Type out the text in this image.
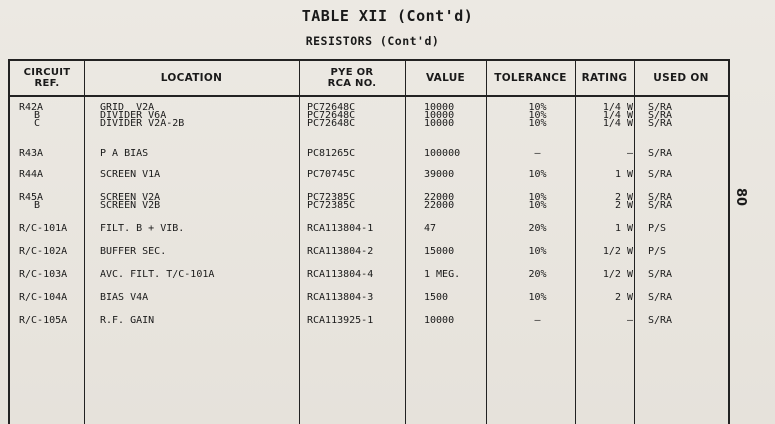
TABLE XII (Cont'd)
RESISTORS (Cont'd)
80
CIRCUIT
REF.	LOCATION	PYE OR
RCA NO.	VALUE	TOLERANCE	RATING	USED ON
R42A	GRID  V2A	PC72648C	10000	10%	1/4 W S/RA
B	DIVIDER V6A	PC72648C	10000	10%	1/4 W S/RA
C	DIVIDER V2A-2B	PC72648C	10000	10%	1/4 W S/RA
R43A	P A BIAS	PC81265C	100000	—	— S/RA
R44A	SCREEN V1A	PC70745C	39000	10%	1 W S/RA
R45A	SCREEN V2A	PC72385C	22000	10%	2 W S/RA
B	SCREEN V2B	PC72385C	22000	10%	2 W S/RA
R/C-101A	FILT. B + VIB.	RCA113804-1	47	20%	1 W P/S
R/C-102A	BUFFER SEC.	RCA113804-2	15000	10%	1/2 W P/S
R/C-103A	AVC. FILT. T/C-101A	RCA113804-4	1 MEG.	20%	1/2 W S/RA
R/C-104A	BIAS V4A	RCA113804-3	1500	10%	2 W S/RA
R/C-105A	R.F. GAIN	RCA113925-1	10000	—	— S/RA
